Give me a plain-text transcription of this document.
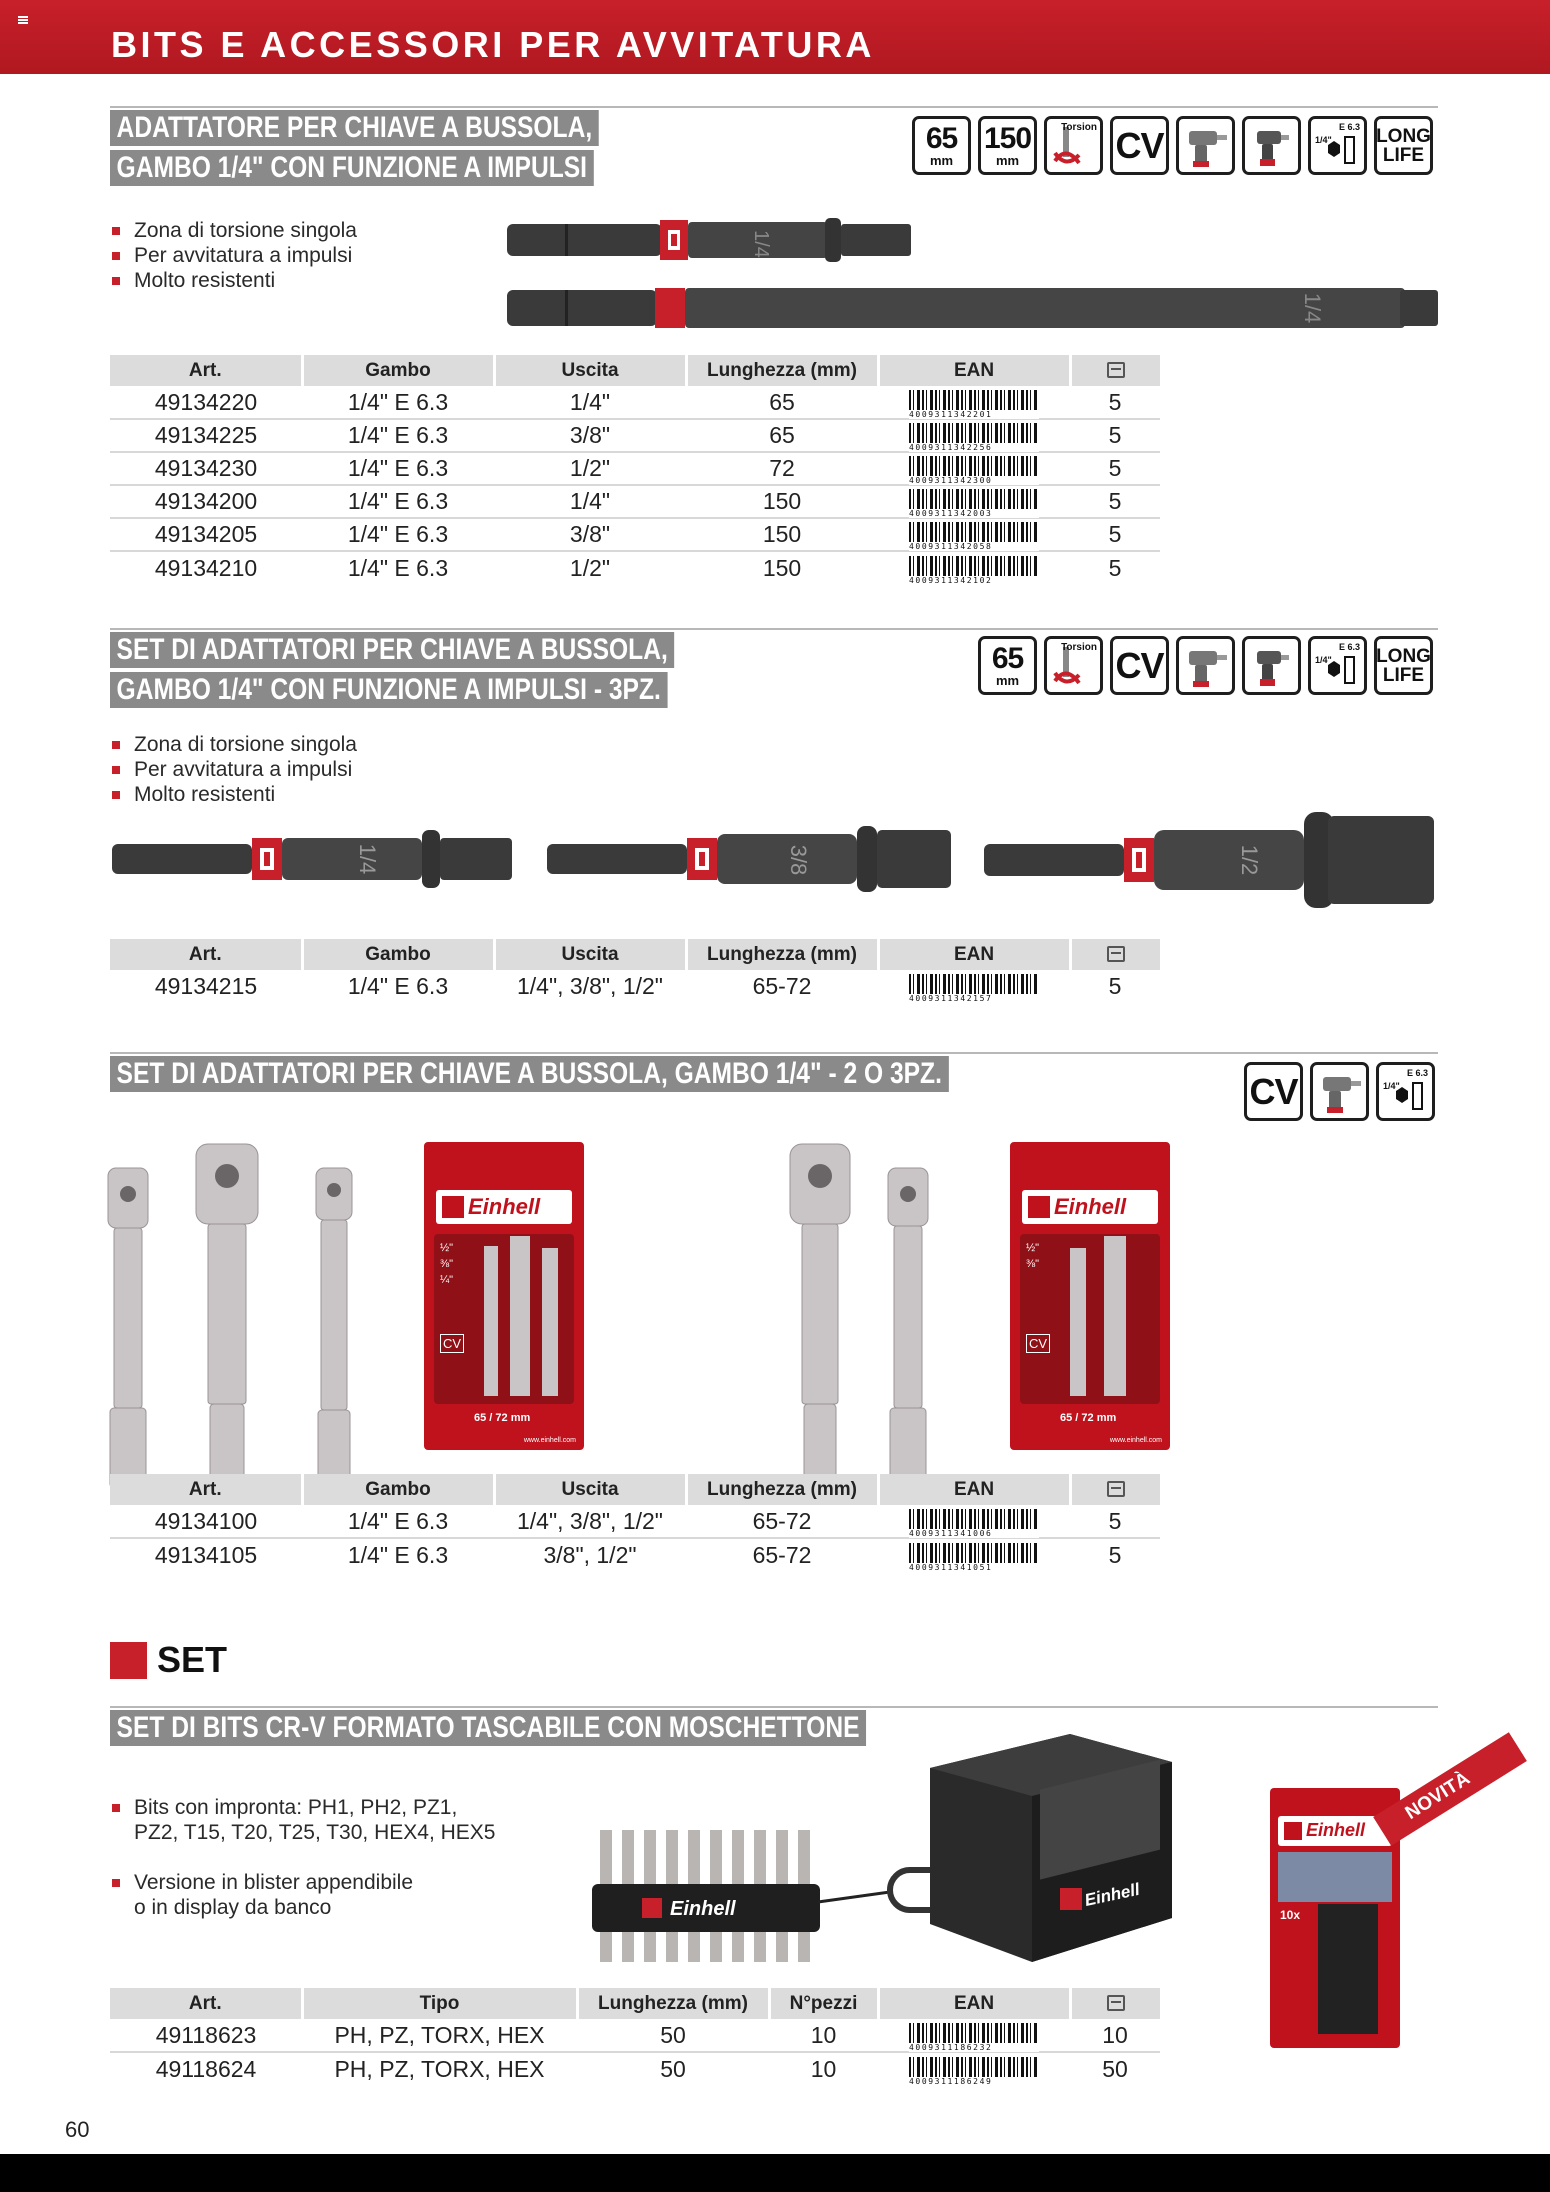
BITS E ACCESSORI PER AVVITATURA
ADATTATORE PER CHIAVE A BUSSOLA,
GAMBO 1/4" CON FUNZIONE A IMPULSI
65
mm
150
mm
Torsion CV	E 6.3
1/4" LONG
LIFE
Zona di torsione singola
Per avvitatura a impulsi
Molto resistenti
1/4
1/4
Art.	Gambo	Uscita	Lunghezza (mm)	EAN	
49134220	1/4" E 6.3	1/4"	65	4009311342201	5
49134225	1/4" E 6.3	3/8"	65	4009311342256	5
49134230	1/4" E 6.3	1/2"	72	4009311342300	5
49134200	1/4" E 6.3	1/4"	150	4009311342003	5
49134205	1/4" E 6.3	3/8"	150	4009311342058	5
49134210	1/4" E 6.3	1/2"	150	4009311342102	5
SET DI ADATTATORI PER CHIAVE A BUSSOLA,
GAMBO 1/4" CON FUNZIONE A IMPULSI - 3PZ.
65
mm
Torsion CV	E 6.3
1/4" LONG
LIFE
Zona di torsione singola
Per avvitatura a impulsi
Molto resistenti
1/4	3/8	1/2
Art.	Gambo	Uscita	Lunghezza (mm)	EAN	
49134215	1/4" E 6.3	1/4", 3/8", 1/2"	65-72	4009311342157	5
SET DI ADATTATORI PER CHIAVE A BUSSOLA, GAMBO 1/4" - 2 O 3PZ.	CV	E 6.3
1/4"
Einhell
½"
⅜"
¼"
CV
65 / 72 mm
www.einhell.com
Einhell
½"
⅜"
CV
65 / 72 mm
www.einhell.com
Art.	Gambo	Uscita	Lunghezza (mm)	EAN	
49134100	1/4" E 6.3	1/4", 3/8", 1/2"	65-72	4009311341006	5
49134105	1/4" E 6.3	3/8", 1/2"	65-72	4009311341051	5
SET
SET DI BITS CR-V FORMATO TASCABILE CON MOSCHETTONE

Bits con impronta: PH1, PH2, PZ1,
PZ2, T15, T20, T25, T30, HEX4, HEX5

Versione in blister appendibile
o in display da banco	Einhell	Einhell
Einhell
10x
NOVITÀ
Art.	Tipo	Lunghezza (mm)	N°pezzi	EAN	
49118623	PH, PZ, TORX, HEX	50	10	4009311186232	10
49118624	PH, PZ, TORX, HEX	50	10	4009311186249	50
60
